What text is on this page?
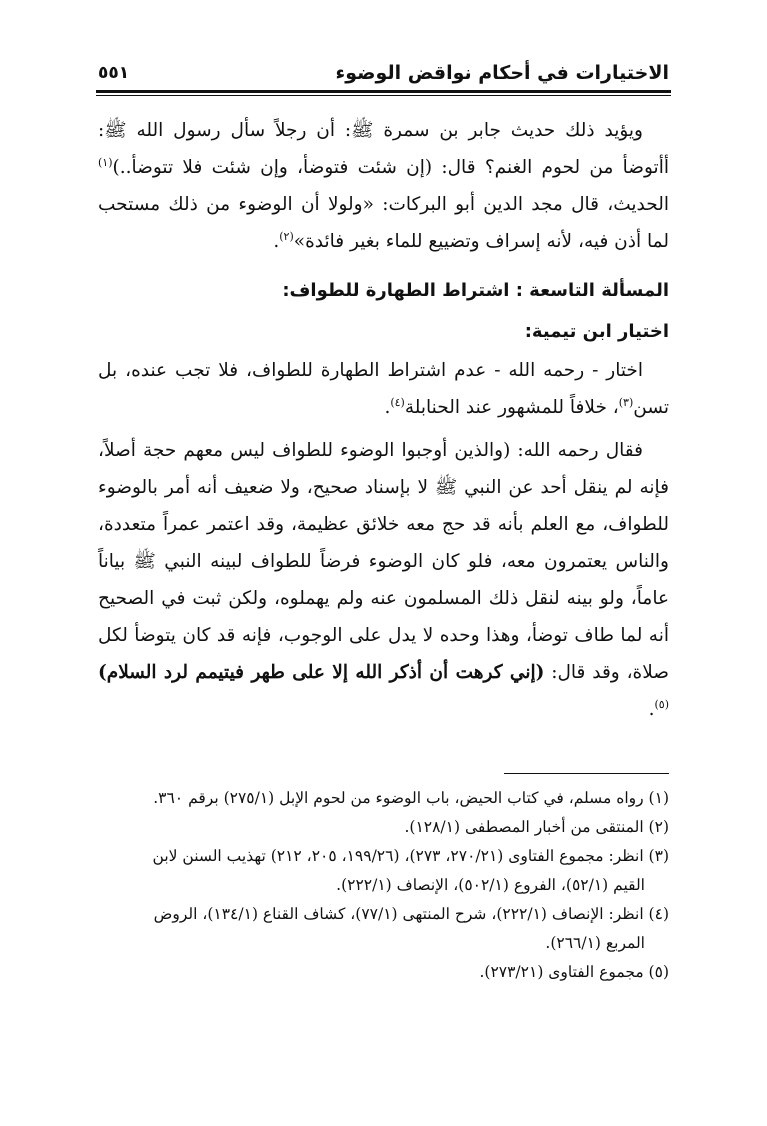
الاختيارات في أحكام نواقض الوضوء
٥٥١

ويؤيد ذلك حديث جابر بن سمرة ﷺ: أن رجلاً سأل رسول الله ﷺ: أأتوضأ من لحوم الغنم؟ قال: (إن شئت فتوضأ، وإن شئت فلا تتوضأ..)$^{(١)}$ الحديث، قال مجد الدين أبو البركات: «ولولا أن الوضوء من ذلك مستحب لما أذن فيه، لأنه إسراف وتضييع للماء بغير فائدة»$^{(٢)}$.

المسألة التاسعة : اشتراط الطهارة للطواف:
اختيار ابن تيمية:

اختار - رحمه الله - عدم اشتراط الطهارة للطواف، فلا تجب عنده، بل تسن$^{(٣)}$، خلافاً للمشهور عند الحنابلة$^{(٤)}$.

فقال رحمه الله: (والذين أوجبوا الوضوء للطواف ليس معهم حجة أصلاً، فإنه لم ينقل أحد عن النبي ﷺ لا بإسناد صحيح، ولا ضعيف أنه أمر بالوضوء للطواف، مع العلم بأنه قد حج معه خلائق عظيمة، وقد اعتمر عمراً متعددة، والناس يعتمرون معه، فلو كان الوضوء فرضاً للطواف لبينه النبي ﷺ بياناً عاماً، ولو بينه لنقل ذلك المسلمون عنه ولم يهملوه، ولكن ثبت في الصحيح أنه لما طاف توضأ، وهذا وحده لا يدل على الوجوب، فإنه قد كان يتوضأ لكل صلاة، وقد قال: (إني كرهت أن أذكر الله إلا على طهر فيتيمم لرد السلام)$^{(٥)}$.

(١) رواه مسلم، في كتاب الحيض، باب الوضوء من لحوم الإبل (٢٧٥/١) برقم ٣٦٠.
(٢) المنتقى من أخبار المصطفى (١٢٨/١).
(٣) انظر: مجموع الفتاوى (٢٧٠/٢١، ٢٧٣)، (١٩٩/٢٦، ٢٠٥، ٢١٢) تهذيب السنن لابن
القيم (٥٢/١)، الفروع (٥٠٢/١)، الإنصاف (٢٢٢/١).
(٤) انظر: الإنصاف (٢٢٢/١)، شرح المنتهى (٧٧/١)، كشاف القناع (١٣٤/١)، الروض
المربع (٢٦٦/١).
(٥) مجموع الفتاوى (٢٧٣/٢١).
